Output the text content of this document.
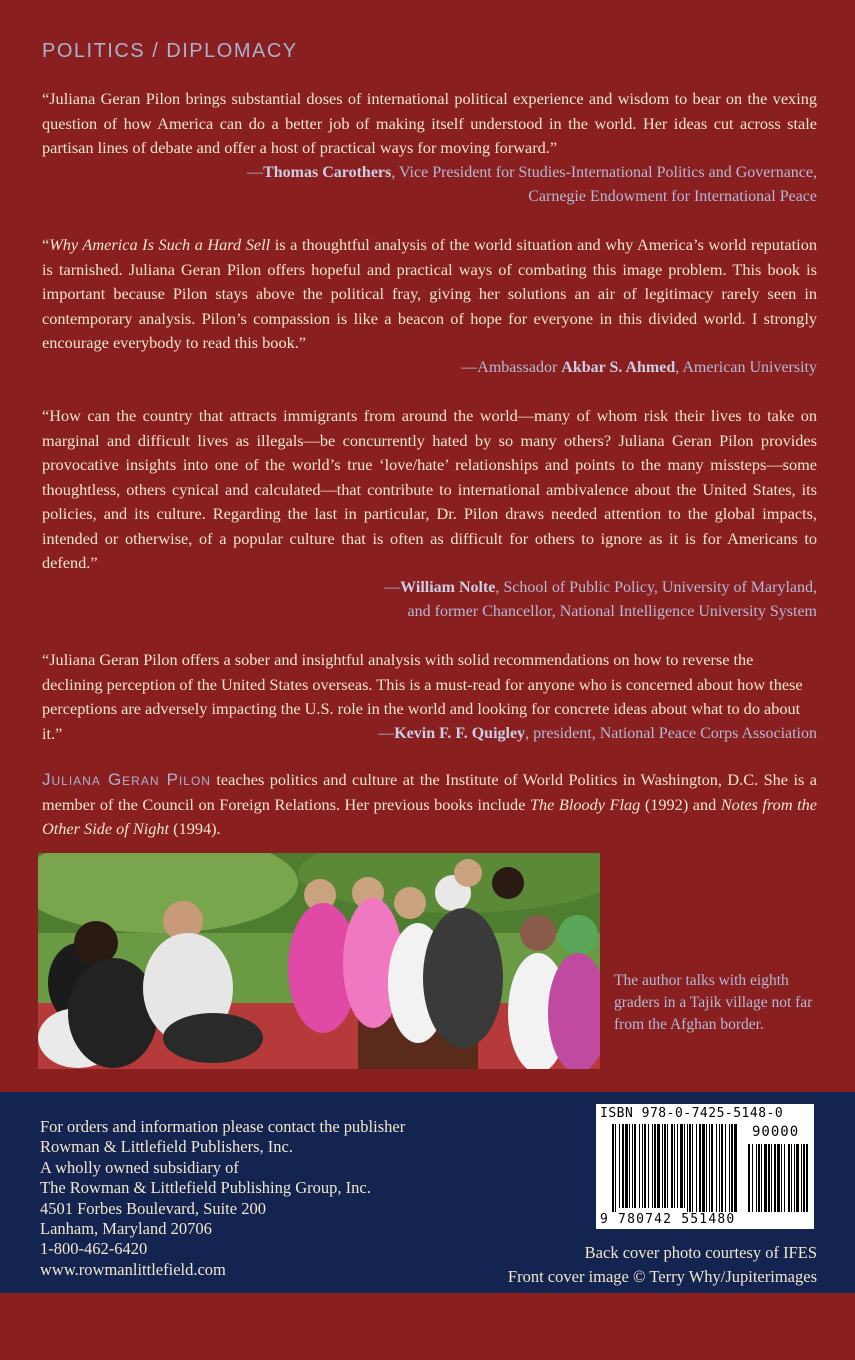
POLITICS / DIPLOMACY

“Juliana Geran Pilon brings substantial doses of international political experience and wisdom to bear on the vexing question of how America can do a better job of making itself understood in the world. Her ideas cut across stale partisan lines of debate and offer a host of practical ways for moving forward.”

—Thomas Carothers, Vice President for Studies-International Politics and Governance,

Carnegie Endowment for International Peace

“Why America Is Such a Hard Sell is a thoughtful analysis of the world situation and why America’s world reputation is tarnished. Juliana Geran Pilon offers hopeful and practical ways of combating this image problem. This book is important because Pilon stays above the political fray, giving her solutions an air of legitimacy rarely seen in contemporary analysis. Pilon’s compassion is like a beacon of hope for everyone in this divided world. I strongly encourage everybody to read this book.”

—Ambassador Akbar S. Ahmed, American University

“How can the country that attracts immigrants from around the world—many of whom risk their lives to take on marginal and difficult lives as illegals—be concurrently hated by so many others? Juliana Geran Pilon provides provocative insights into one of the world’s true ‘love/hate’ relationships and points to the many missteps—some thoughtless, others cynical and calculated—that contribute to international ambivalence about the United States, its policies, and its culture. Regarding the last in particular, Dr. Pilon draws needed attention to the global impacts, intended or otherwise, of a popular culture that is often as difficult for others to ignore as it is for Americans to defend.”

—William Nolte, School of Public Policy, University of Maryland,

and former Chancellor, National Intelligence University System

“Juliana Geran Pilon offers a sober and insightful analysis with solid recommendations on how to reverse the declining perception of the United States overseas. This is a must-read for anyone who is concerned about how these perceptions are adversely impacting the U.S. role in the world and looking for concrete ideas about what to do about it.”	—Kevin F. F. Quigley, president, National Peace Corps Association

Juliana Geran Pilon teaches politics and culture at the Institute of World Politics in Washington, D.C. She is a member of the Council on Foreign Relations. Her previous books include The Bloody Flag (1992) and Notes from the Other Side of Night (1994).

The author talks with eighth graders in a Tajik village not far from the Afghan border.

For orders and information please contact the publisher
Rowman & Littlefield Publishers, Inc.
A wholly owned subsidiary of
The Rowman & Littlefield Publishing Group, Inc.
4501 Forbes Boulevard, Suite 200
Lanham, Maryland 20706
1-800-462-6420
www.rowmanlittlefield.com
ISBN 978-0-7425-5148-0
90000
9 780742 551480
Back cover photo courtesy of IFES
Front cover image © Terry Why/Jupiterimages
